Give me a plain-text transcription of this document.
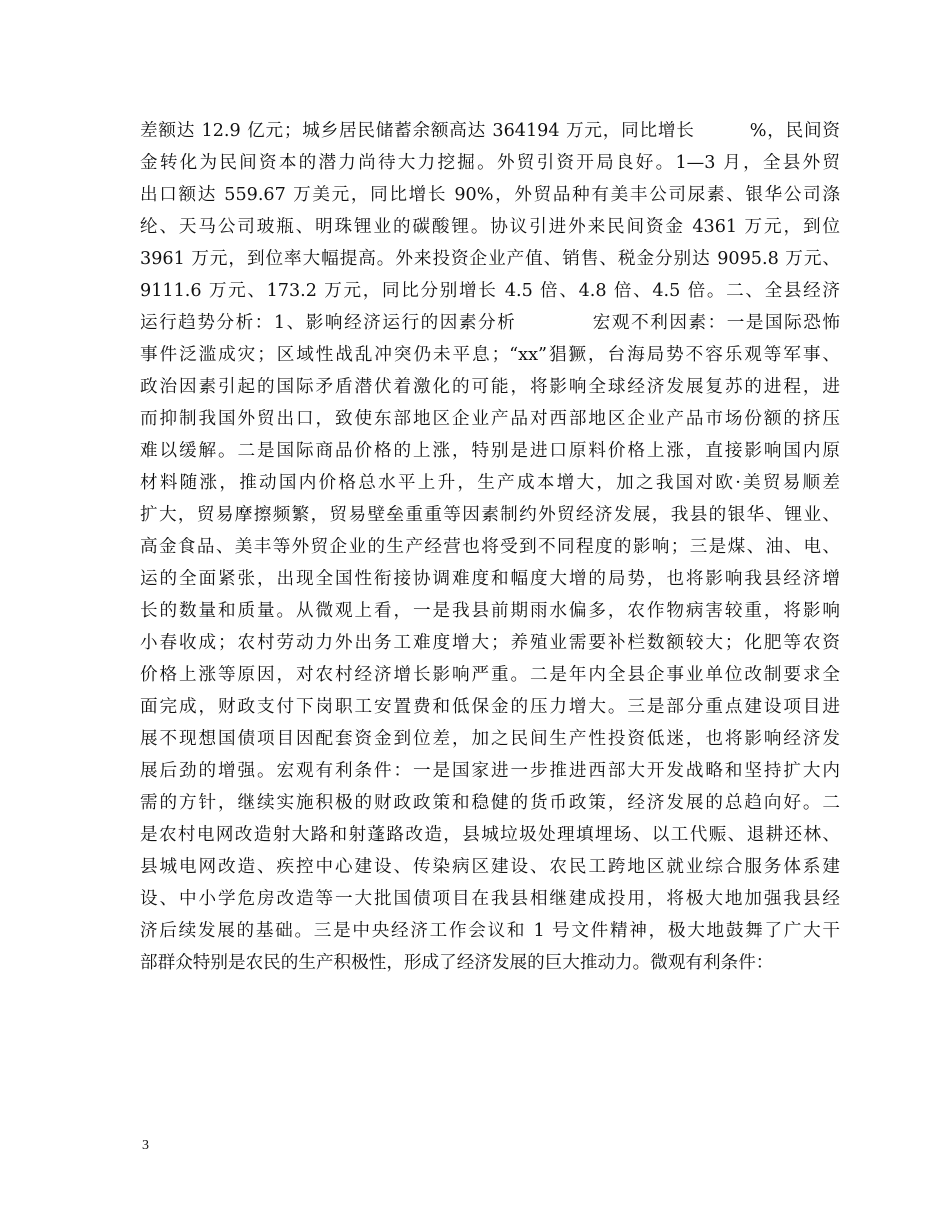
差额达 12.9 亿元；城乡居民储蓄余额高达 364194 万元，同比增长　　　%，民间资
金转化为民间资本的潜力尚待大力挖掘。外贸引资开局良好。1—3 月，全县外贸
出口额达 559.67 万美元，同比增长 90%，外贸品种有美丰公司尿素、银华公司涤
纶、天马公司玻瓶、明珠锂业的碳酸锂。协议引进外来民间资金 4361 万元，到位
3961 万元，到位率大幅提高。外来投资企业产值、销售、税金分别达 9095.8 万元、
9111.6 万元、173.2 万元，同比分别增长 4.5 倍、4.8 倍、4.5 倍。二、全县经济
运行趋势分析：1、影响经济运行的因素分析　　　　宏观不利因素：一是国际恐怖
事件泛滥成灾；区域性战乱冲突仍未平息；“xx”猖獗，台海局势不容乐观等军事、
政治因素引起的国际矛盾潜伏着激化的可能，将影响全球经济发展复苏的进程，进
而抑制我国外贸出口，致使东部地区企业产品对西部地区企业产品市场份额的挤压
难以缓解。二是国际商品价格的上涨，特别是进口原料价格上涨，直接影响国内原
材料随涨，推动国内价格总水平上升，生产成本增大，加之我国对欧·美贸易顺差
扩大，贸易摩擦频繁，贸易壁垒重重等因素制约外贸经济发展，我县的银华、锂业、
高金食品、美丰等外贸企业的生产经营也将受到不同程度的影响；三是煤、油、电、
运的全面紧张，出现全国性衔接协调难度和幅度大增的局势，也将影响我县经济增
长的数量和质量。从微观上看，一是我县前期雨水偏多，农作物病害较重，将影响
小春收成；农村劳动力外出务工难度增大；养殖业需要补栏数额较大；化肥等农资
价格上涨等原因，对农村经济增长影响严重。二是年内全县企事业单位改制要求全
面完成，财政支付下岗职工安置费和低保金的压力增大。三是部分重点建设项目进
展不现想国债项目因配套资金到位差，加之民间生产性投资低迷，也将影响经济发
展后劲的增强。宏观有利条件：一是国家进一步推进西部大开发战略和坚持扩大内
需的方针，继续实施积极的财政政策和稳健的货币政策，经济发展的总趋向好。二
是农村电网改造射大路和射蓬路改造，县城垃圾处理填埋场、以工代赈、退耕还林、
县城电网改造、疾控中心建设、传染病区建设、农民工跨地区就业综合服务体系建
设、中小学危房改造等一大批国债项目在我县相继建成投用，将极大地加强我县经
济后续发展的基础。三是中央经济工作会议和 1 号文件精神，极大地鼓舞了广大干
部群众特别是农民的生产积极性，形成了经济发展的巨大推动力。微观有利条件：
3
